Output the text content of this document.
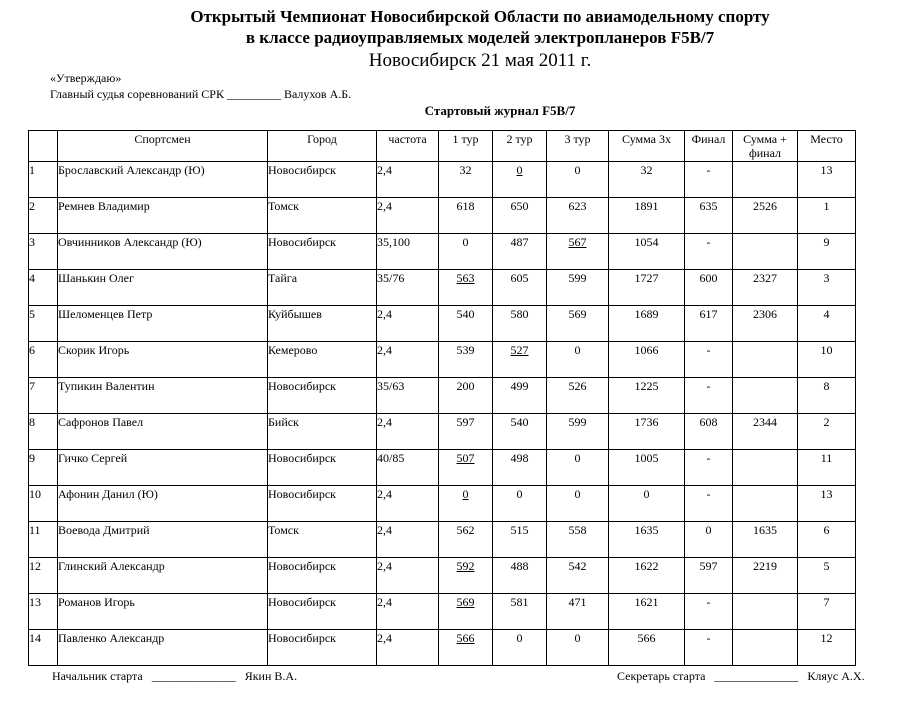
Открытый Чемпионат Новосибирской Области по авиамодельному спорту
в классе радиоуправляемых моделей электропланеров F5B/7
Новосибирск 21 мая 2011 г.
«Утверждаю»
Главный судья соревнований СРК _________ Валухов А.Б.
Стартовый журнал F5B/7
	Спортсмен	Город	частота	1 тур	2 тур	3 тур	Сумма 3х	Финал	Сумма + финал	Место
1	Брославский Александр (Ю)	Новосибирск	2,4	32	0	0	32	-		13
2	Ремнев Владимир	Томск	2,4	618	650	623	1891	635	2526	1
3	Овчинников Александр (Ю)	Новосибирск	35,100	0	487	567	1054	-		9
4	Шанькин Олег	Тайга	35/76	563	605	599	1727	600	2327	3
5	Шеломенцев Петр	Куйбышев	2,4	540	580	569	1689	617	2306	4
6	Скорик Игорь	Кемерово	2,4	539	527	0	1066	-		10
7	Тупикин Валентин	Новосибирск	35/63	200	499	526	1225	-		8
8	Сафронов Павел	Бийск	2,4	597	540	599	1736	608	2344	2
9	Гичко Сергей	Новосибирск	40/85	507	498	0	1005	-		11
10	Афонин Данил (Ю)	Новосибирск	2,4	0	0	0	0	-		13
11	Воевода Дмитрий	Томск	2,4	562	515	558	1635	0	1635	6
12	Глинский Александр	Новосибирск	2,4	592	488	542	1622	597	2219	5
13	Романов Игорь	Новосибирск	2,4	569	581	471	1621	-		7
14	Павленко Александр	Новосибирск	2,4	566	0	0	566	-		12
Начальник старта   ______________   Якин В.А.	Секретарь старта   ______________   Кляус А.Х.
